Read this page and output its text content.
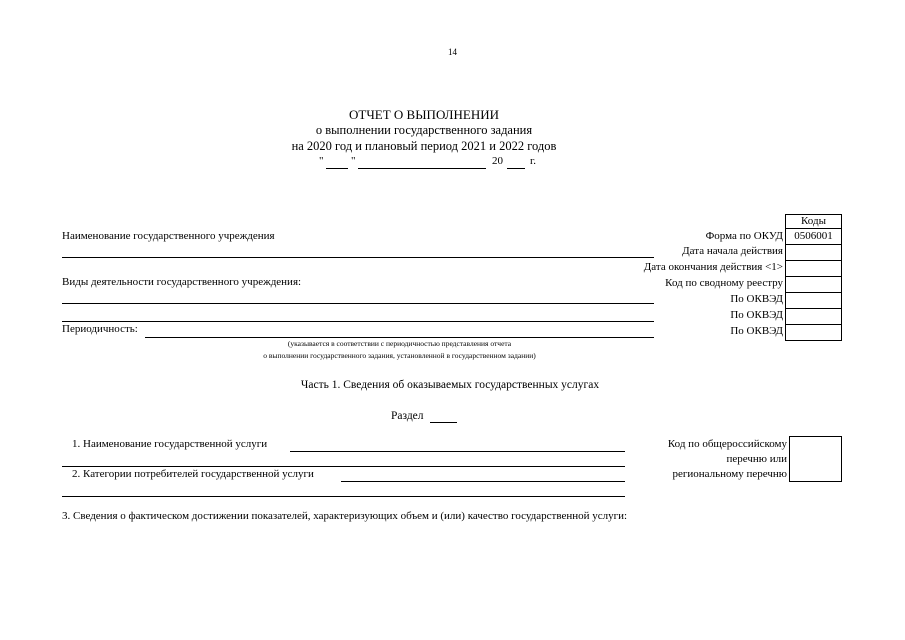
14
ОТЧЕТ О ВЫПОЛНЕНИИ
о выполнении государственного задания
на 2020 год и плановый период 2021 и 2022 годов
"	"	20 г.
Коды
0506001
Форма по ОКУД
Дата начала действия
Дата окончания действия <1>
Код по сводному реестру
По ОКВЭД
По ОКВЭД
По ОКВЭД
Наименование государственного учреждения
Виды деятельности государственного учреждения:
Периодичность:
(указывается в соответствии с периодичностью представления отчета
о выполнении государственного задания, установленной в государственном задании)
Часть 1. Сведения об оказываемых государственных услугах
Раздел
1. Наименование государственной услуги
2. Категории потребителей государственной услуги
Код по общероссийскому
перечню или
региональному перечню
3. Сведения о фактическом достижении показателей, характеризующих объем и (или) качество государственной услуги:
